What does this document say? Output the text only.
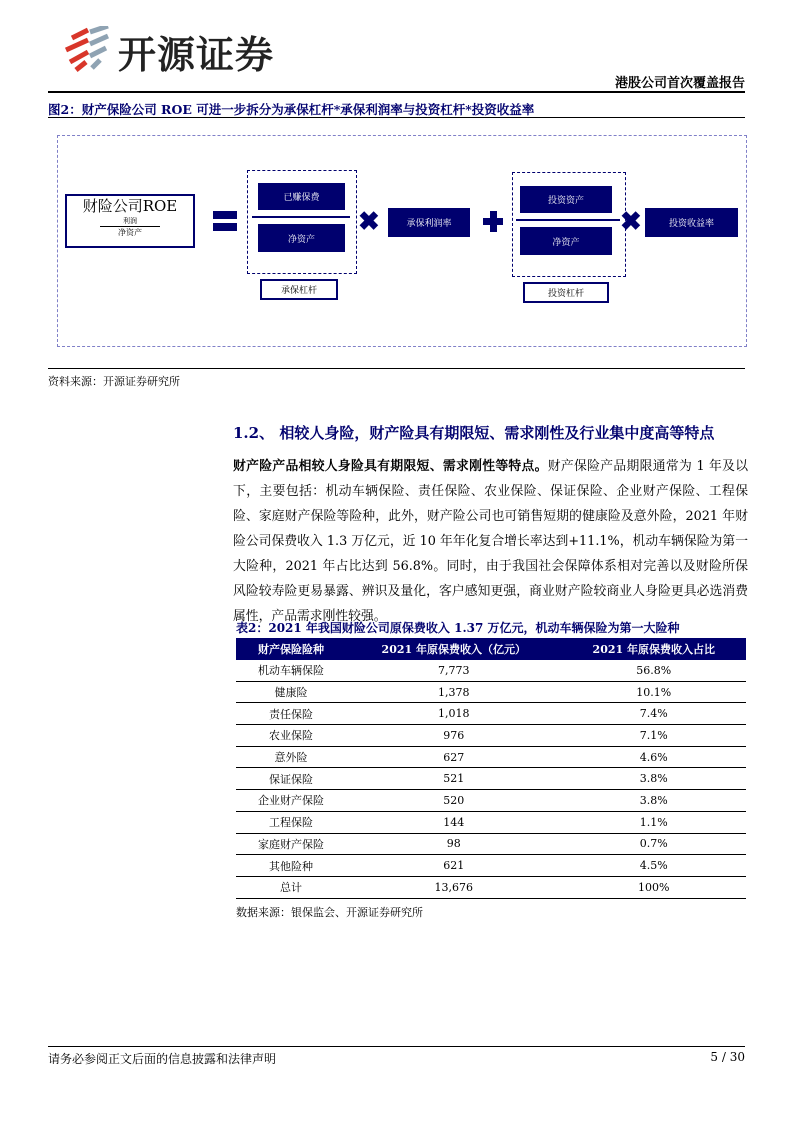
开源证券
港股公司首次覆盖报告
图2：财产保险公司 ROE 可进一步拆分为承保杠杆*承保利润率与投资杠杆*投资收益率
财险公司ROE
利润
净资产
已赚保费
净资产
承保杠杆
✖	承保利润率
投资资产
净资产
投资杠杆
✖	投资收益率
资料来源：开源证券研究所
1.2、 相较人身险，财产险具有期限短、需求刚性及行业集中度高等特点
财产险产品相较人身险具有期限短、需求刚性等特点。财产保险产品期限通常为 1 年及以下，主要包括：机动车辆保险、责任保险、农业保险、保证保险、企业财产保险、工程保险、家庭财产保险等险种，此外，财产险公司也可销售短期的健康险及意外险，2021 年财险公司保费收入 1.3 万亿元，近 10 年年化复合增长率达到+11.1%，机动车辆保险为第一大险种，2021 年占比达到 56.8%。同时，由于我国社会保障体系相对完善以及财险所保风险较寿险更易暴露、辨识及量化，客户感知更强，商业财产险较商业人身险更具必选消费属性，产品需求刚性较强。
表2：2021 年我国财险公司原保费收入 1.37 万亿元，机动车辆保险为第一大险种
财产保险险种	2021 年原保费收入（亿元）	2021 年原保费收入占比
机动车辆保险	7,773	56.8%
健康险	1,378	10.1%
责任保险	1,018	7.4%
农业保险	976	7.1%
意外险	627	4.6%
保证保险	521	3.8%
企业财产保险	520	3.8%
工程保险	144	1.1%
家庭财产保险	98	0.7%
其他险种	621	4.5%
总计	13,676	100%
数据来源：银保监会、开源证券研究所
请务必参阅正文后面的信息披露和法律声明	5 / 30
